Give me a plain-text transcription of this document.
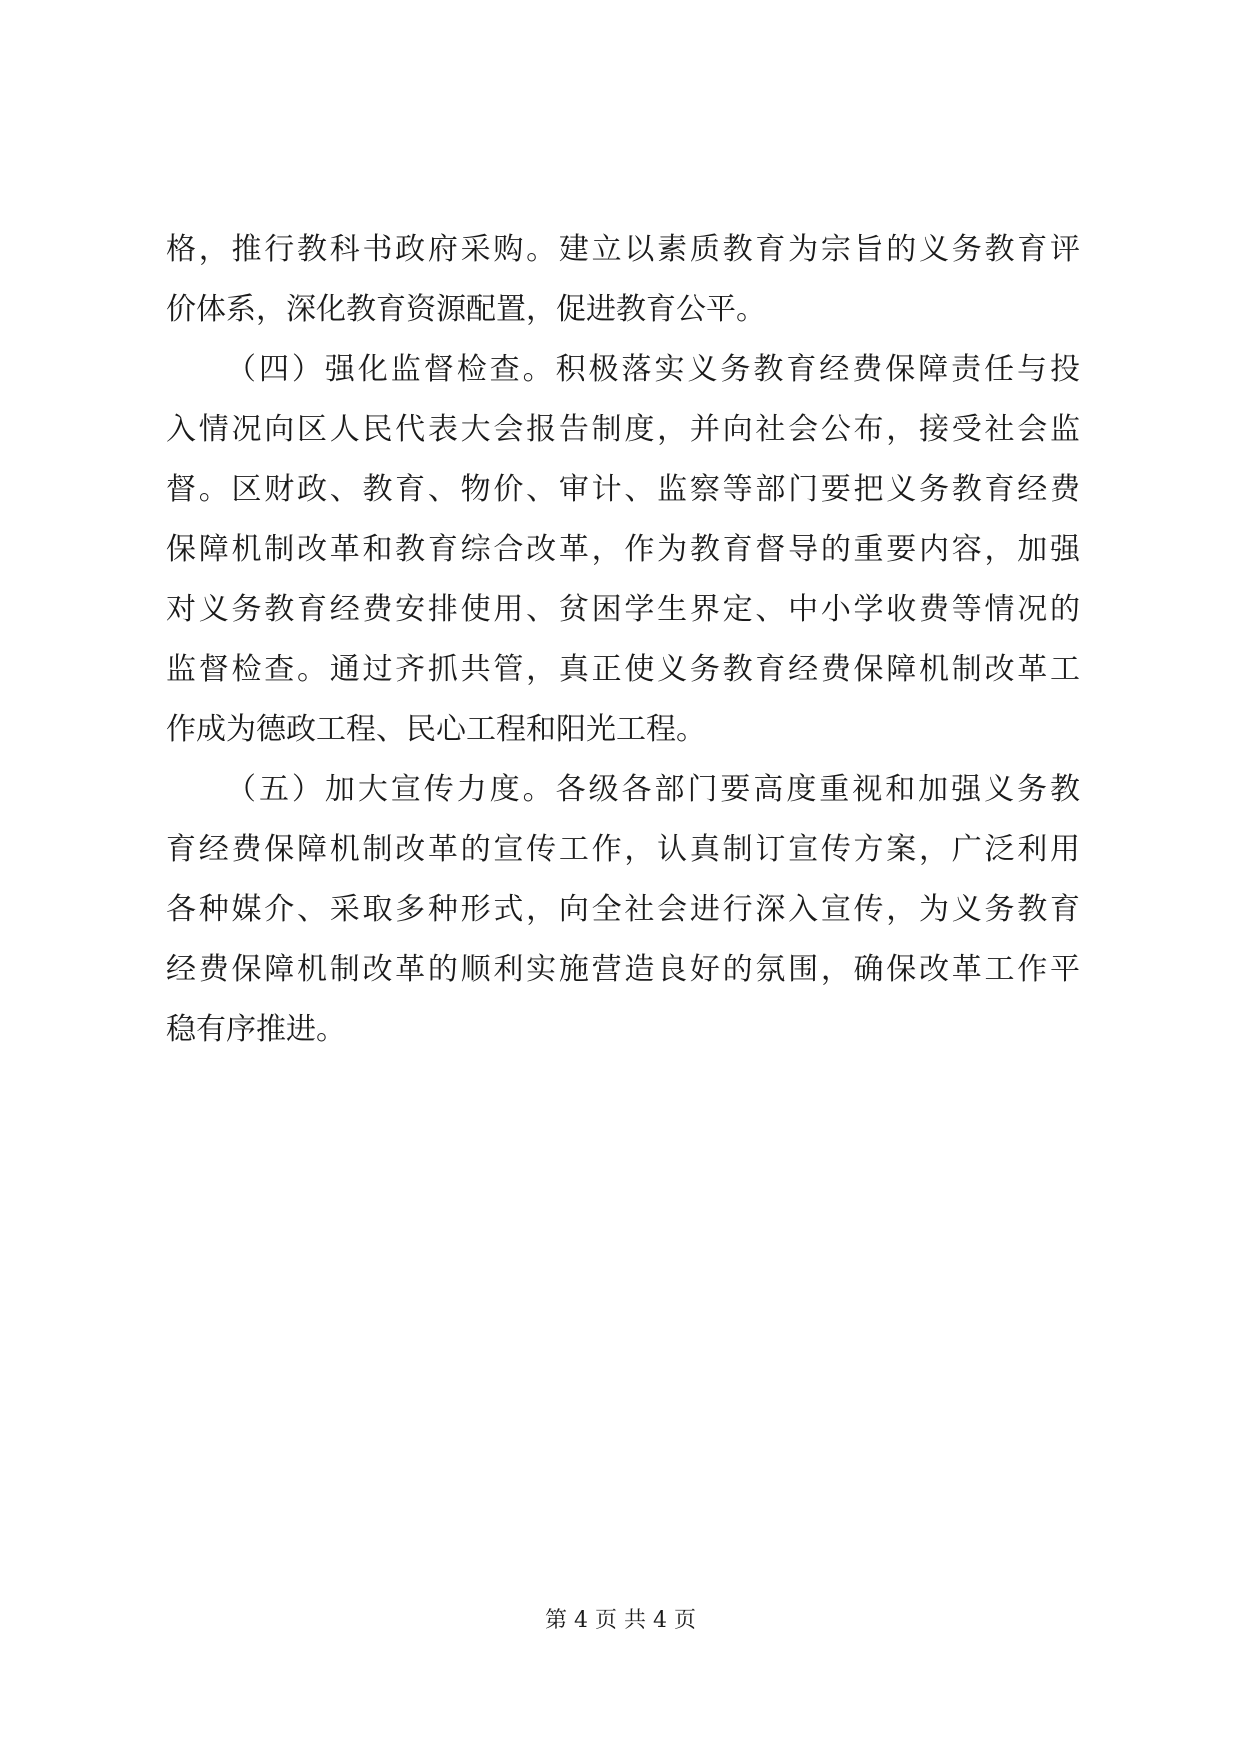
格，推行教科书政府采购。建立以素质教育为宗旨的义务教育评
价体系，深化教育资源配置，促进教育公平。
（四）强化监督检查。积极落实义务教育经费保障责任与投
入情况向区人民代表大会报告制度，并向社会公布，接受社会监
督。区财政、教育、物价、审计、监察等部门要把义务教育经费
保障机制改革和教育综合改革，作为教育督导的重要内容，加强
对义务教育经费安排使用、贫困学生界定、中小学收费等情况的
监督检查。通过齐抓共管，真正使义务教育经费保障机制改革工
作成为德政工程、民心工程和阳光工程。
（五）加大宣传力度。各级各部门要高度重视和加强义务教
育经费保障机制改革的宣传工作，认真制订宣传方案，广泛利用
各种媒介、采取多种形式，向全社会进行深入宣传，为义务教育
经费保障机制改革的顺利实施营造良好的氛围，确保改革工作平
稳有序推进。
第 4 页 共 4 页
